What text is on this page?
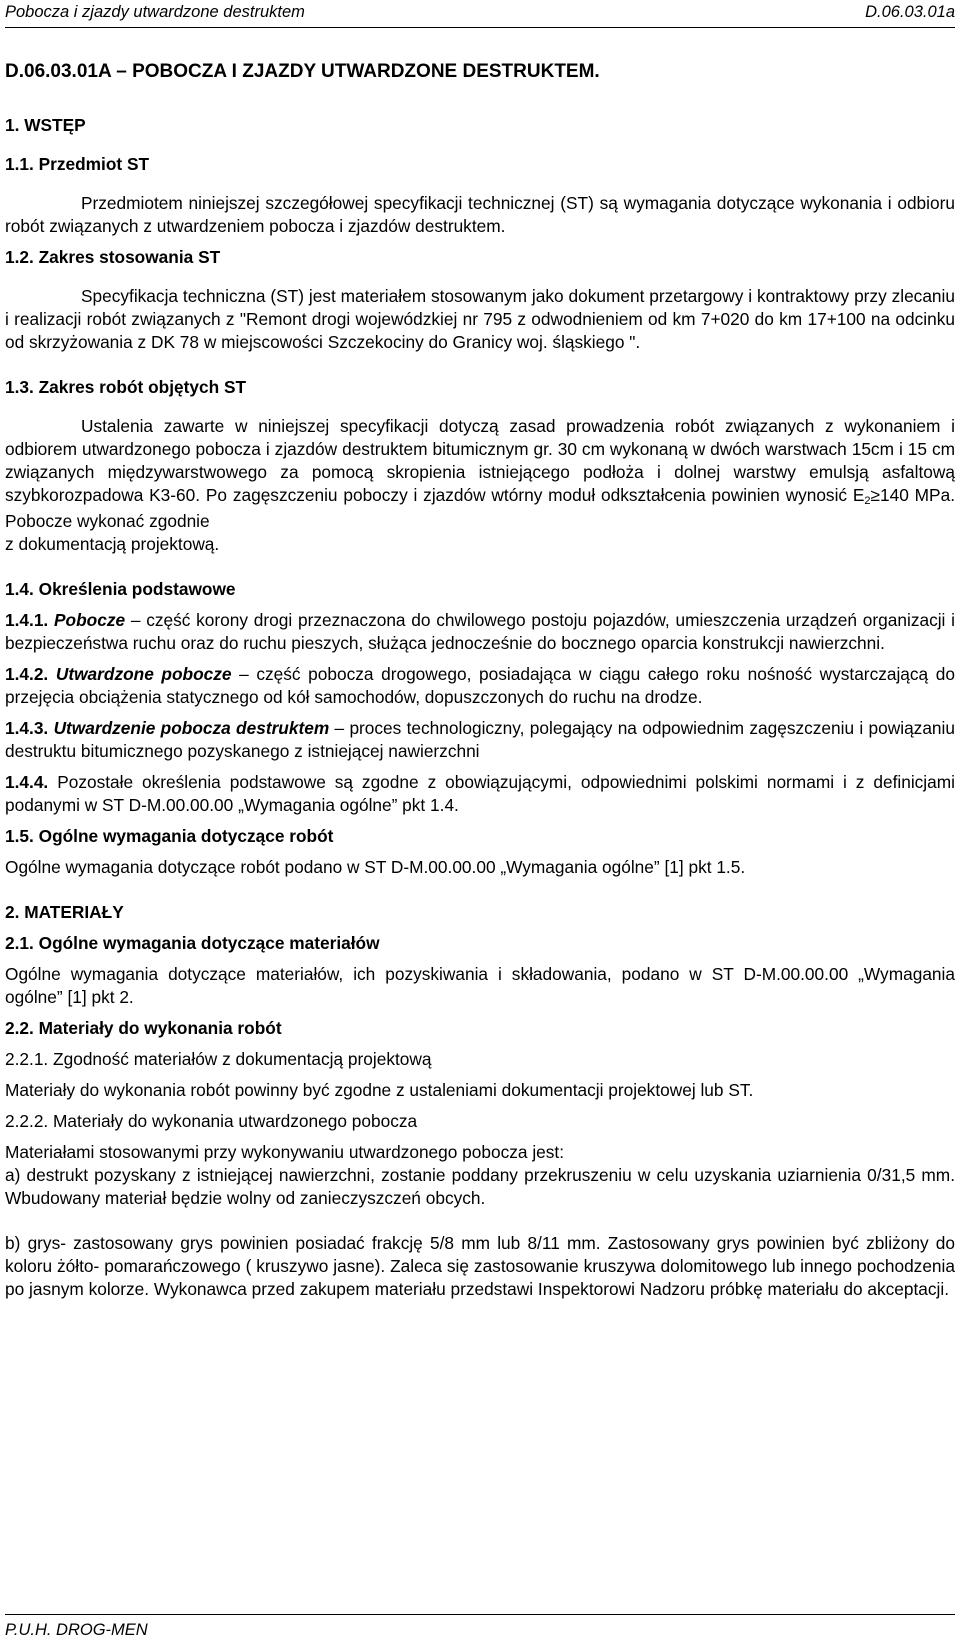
Pobocza i zjazdy utwardzone destruktem	D.06.03.01a
D.06.03.01A – POBOCZA I ZJAZDY UTWARDZONE DESTRUKTEM.
1. WSTĘP
1.1. Przedmiot ST

Przedmiotem niniejszej szczegółowej specyfikacji technicznej (ST) są wymagania dotyczące wykonania i odbioru robót związanych z utwardzeniem pobocza i zjazdów destruktem.

1.2. Zakres stosowania ST

Specyfikacja techniczna (ST) jest materiałem stosowanym jako dokument przetargowy i kontraktowy przy zlecaniu i realizacji robót związanych z "Remont drogi wojewódzkiej nr 795 z odwodnieniem od km 7+020 do km 17+100 na odcinku od skrzyżowania z DK 78 w miejscowości Szczekociny do Granicy woj. śląskiego ".

1.3. Zakres robót objętych ST

Ustalenia zawarte w niniejszej specyfikacji dotyczą zasad prowadzenia robót związanych z wykonaniem i odbiorem utwardzonego pobocza i zjazdów destruktem bitumicznym gr. 30 cm wykonaną w dwóch warstwach 15cm i 15 cm związanych międzywarstwowego za pomocą skropienia istniejącego podłoża i dolnej warstwy emulsją asfaltową szybkorozpadowa K3-60. Po zagęszczeniu poboczy i zjazdów wtórny moduł odkształcenia powinien wynosić $E_2\ge 140$ MPa. Pobocze wykonać zgodnie

z dokumentacją projektową.

1.4. Określenia podstawowe

1.4.1. Pobocze – część korony drogi przeznaczona do chwilowego postoju pojazdów, umieszczenia urządzeń organizacji i bezpieczeństwa ruchu oraz do ruchu pieszych, służąca jednocześnie do bocznego oparcia konstrukcji nawierzchni.

1.4.2. Utwardzone pobocze – część pobocza drogowego, posiadająca w ciągu całego roku nośność wystarczającą do przejęcia obciążenia statycznego od kół samochodów, dopuszczonych do ruchu na drodze.

1.4.3. Utwardzenie pobocza destruktem – proces technologiczny, polegający na odpowiednim zagęszczeniu i powiązaniu destruktu bitumicznego pozyskanego z istniejącej nawierzchni

1.4.4. Pozostałe określenia podstawowe są zgodne z obowiązującymi, odpowiednimi polskimi normami i z definicjami podanymi w ST D-M.00.00.00 „Wymagania ogólne” pkt 1.4.

1.5. Ogólne wymagania dotyczące robót

Ogólne wymagania dotyczące robót podano w ST D-M.00.00.00 „Wymagania ogólne” [1] pkt 1.5.

2. MATERIAŁY
2.1. Ogólne wymagania dotyczące materiałów

Ogólne wymagania dotyczące materiałów, ich pozyskiwania i składowania, podano w ST D-M.00.00.00 „Wymagania ogólne” [1] pkt 2.

2.2. Materiały do wykonania robót

2.2.1. Zgodność materiałów z dokumentacją projektową

Materiały do wykonania robót powinny być zgodne z ustaleniami dokumentacji projektowej lub ST.

2.2.2. Materiały do wykonania utwardzonego pobocza

Materiałami stosowanymi przy wykonywaniu utwardzonego pobocza jest:

a) destrukt pozyskany z istniejącej nawierzchni, zostanie poddany przekruszeniu w celu uzyskania uziarnienia 0/31,5 mm. Wbudowany materiał będzie wolny od zanieczyszczeń obcych.

b) grys- zastosowany grys powinien posiadać frakcję 5/8 mm lub 8/11 mm. Zastosowany grys powinien być zbliżony do koloru żółto- pomarańczowego ( kruszywo jasne). Zaleca się zastosowanie kruszywa dolomitowego lub innego pochodzenia po jasnym kolorze. Wykonawca przed zakupem materiału przedstawi Inspektorowi Nadzoru próbkę materiału do akceptacji.

P.U.H. DROG-MEN
